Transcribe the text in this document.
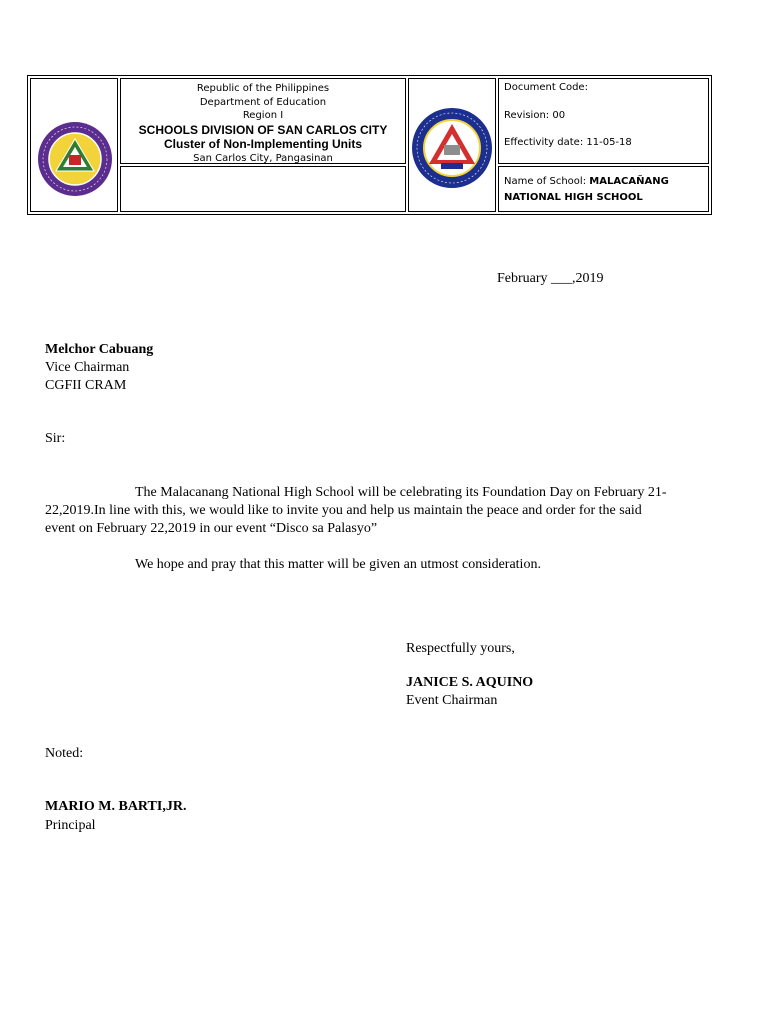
Republic of the Philippines
Department of Education
Region I
SCHOOLS DIVISION OF SAN CARLOS CITY
Cluster of Non-Implementing Units
San Carlos City, Pangasinan
Document Code:
Revision: 00
Effectivity date: 11-05-18
Name of School: MALACAÑANG
NATIONAL HIGH SCHOOL
February ___,2019
Melchor Cabuang
Vice Chairman
CGFII CRAM
Sir:
The Malacanang National High School will be celebrating its Foundation Day on February 21-
22,2019.In line with this, we would like to invite you and help us maintain the peace and order for the said
event on February 22,2019 in our event “Disco sa Palasyo”
We hope and pray that this matter will be given an utmost consideration.
Respectfully yours,
JANICE S. AQUINO
Event Chairman
Noted:
MARIO M. BARTI,JR.
Principal
